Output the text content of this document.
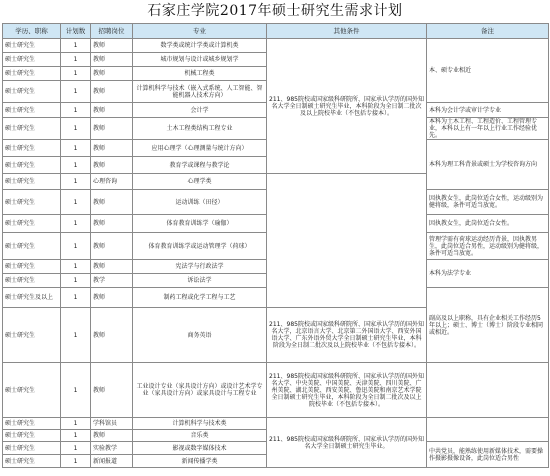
石家庄学院2017年硕士研究生需求计划
学历、职称	计划数	招聘岗位	专业	其他条件	备注
硕士研究生	1	教师	数学类或统计学类或计算机类	211、985院校或国家级科研院所、国家承认学历的国外知名大学全日制硕士研究生毕业，本科阶段为全日制二批次及以上院校毕业（不包括专接本）。	本、硕专业相近
硕士研究生	1	教师	城市规划与设计或城乡规划学		
硕士研究生	1	教师	机械工程类		
硕士研究生	1	教师	计算机科学与技术（嵌入式系统、人工智能、智能机器人技术方向）		
硕士研究生	1	教师	会计学		本科为会计学或审计学专业
硕士研究生	1	教师	土木工程类结构工程专业		本科为土木工程、工程造价、工程管理专业，本科以上有一年以上行业工作经验优先。
硕士研究生	1	教师	应用心理学（心理测量与统计方向）		本科为理工科背景或硕士为学校咨询方向
硕士研究生	1	教师	教育学或课程与教学论		
硕士研究生	1	心理咨询	心理学类		
硕士研究生	1	教师	运动训练（田径）		因执教女生，此岗位适合女性，运动级别为健将级，条件可适当放宽。
硕士研究生	1	教师	体育教育训练学（瑜伽）		因执教女生，此岗位适合女性。
硕士研究生	1	教师	体育教育训练学或运动管理学（荷球）		管理学需有荷球运动经历背景，因执教男生，此岗位适合男性，运动级别为健将级，条件可适当放宽。
硕士研究生	1	教师	宪法学与行政法学		本科为法学专业
硕士研究生	1	教学	诉讼法学		
硕士研究生及以上	1	教师	制药工程或化学工程与工艺		副高及以上职称，具有企业相关工作经历5年以上；硕士、博士（博士）阶段专业相同或相近。
硕士研究生	1	教师	商务英语	211、985院校或国家级科研院所、国家承认学历的国外知名大学，北京语言大学、北京第二外国语大学、西安外国语大学、广东外语外贸大学全日制硕士研究生毕业，本科阶段为全日制二批次及以上院校毕业（不包括专接本）。	
硕士研究生	1	教师	工业设计专业（家具设计方向）或设计艺术学专业（家具设计方向）或家具设计与工程专业	211、985院校或国家级科研院所、国家承认学历的国外知名大学、中央美院、中国美院、天津美院、四川美院、广州美院、湖北美院、西安美院、鲁迅美院和南京艺术学院全日制硕士研究生毕业，本科阶段为全日制二批次及以上院校毕业（不包括专接本）。	
硕士研究生	1	学科馆员	计算机科学与技术类	211、985院校或国家级科研院所、国家承认学历的国外知名大学全日制硕士研究生毕业。	
硕士研究生	1	教师	音乐类		
硕士研究生	1	实验教学	影视或数字媒体技术		中共党员，能熟练使用新媒体技术，需要操作摄影摄像设备，此岗位适合男性
硕士研究生	1	新闻报道	新闻传播学类		
